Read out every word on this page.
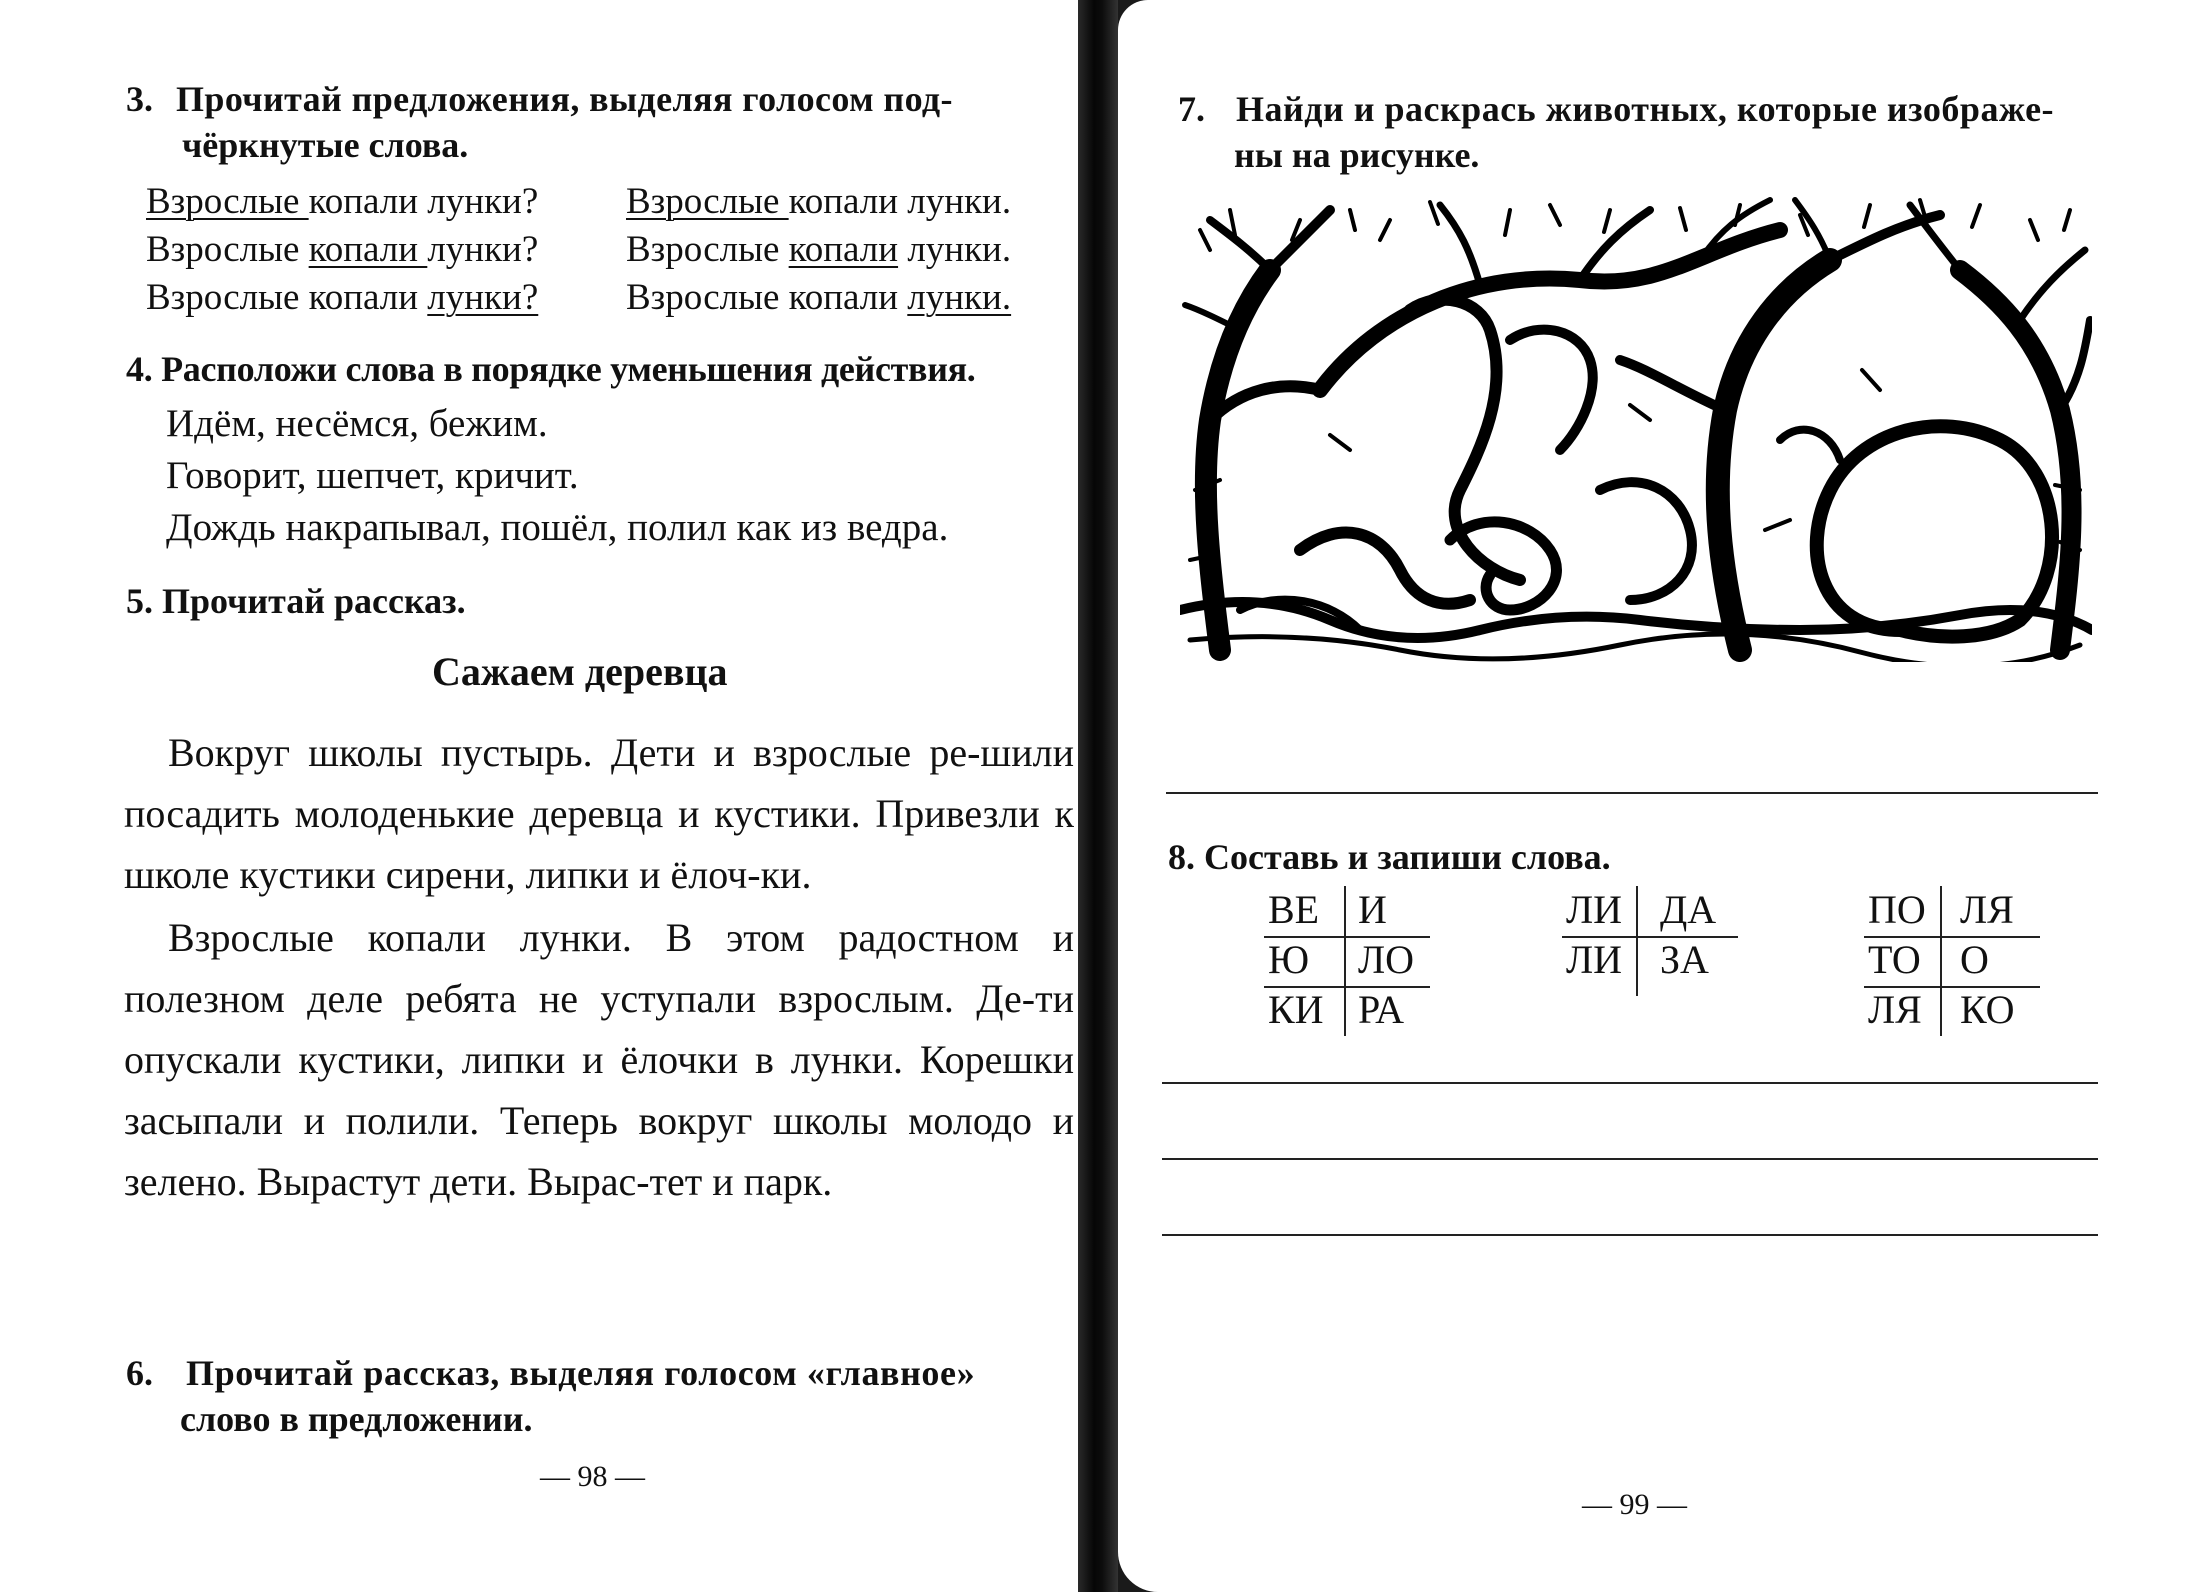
3. Прочитай предложения, выделяя голосом под-
чёркнутые слова.
Взрослые копали лунки?
Взрослые копали лунки?
Взрослые копали лунки?
Взрослые копали лунки.
Взрослые копали лунки.
Взрослые копали лунки.
4. Расположи слова в порядке уменьшения действия.
Идём, несёмся, бежим.
Говорит, шепчет, кричит.
Дождь накрапывал, пошёл, полил как из ведра.
5. Прочитай рассказ.
Сажаем деревца

Вокруг школы пустырь. Дети и взрослые ре-шили посадить молоденькие деревца и кустики. Привезли к школе кустики сирени, липки и ёлоч-ки.

Взрослые копали лунки. В этом радостном и полезном деле ребята не уступали взрослым. Де-ти опускали кустики, липки и ёлочки в лунки. Корешки засыпали и полили. Теперь вокруг школы молодо и зелено. Вырастут дети. Вырас-тет и парк.

6. Прочитай рассказ, выделяя голосом «главное»
слово в предложении.
— 98 —
7. Найди и раскрась животных, которые изображе-
ны на рисунке.
8. Составь и запиши слова.
ВЕ И
Ю ЛО
КИ РА
ЛИ ДА
ЛИ ЗА
ПО ЛЯ
ТО О
ЛЯ КО
— 99 —
